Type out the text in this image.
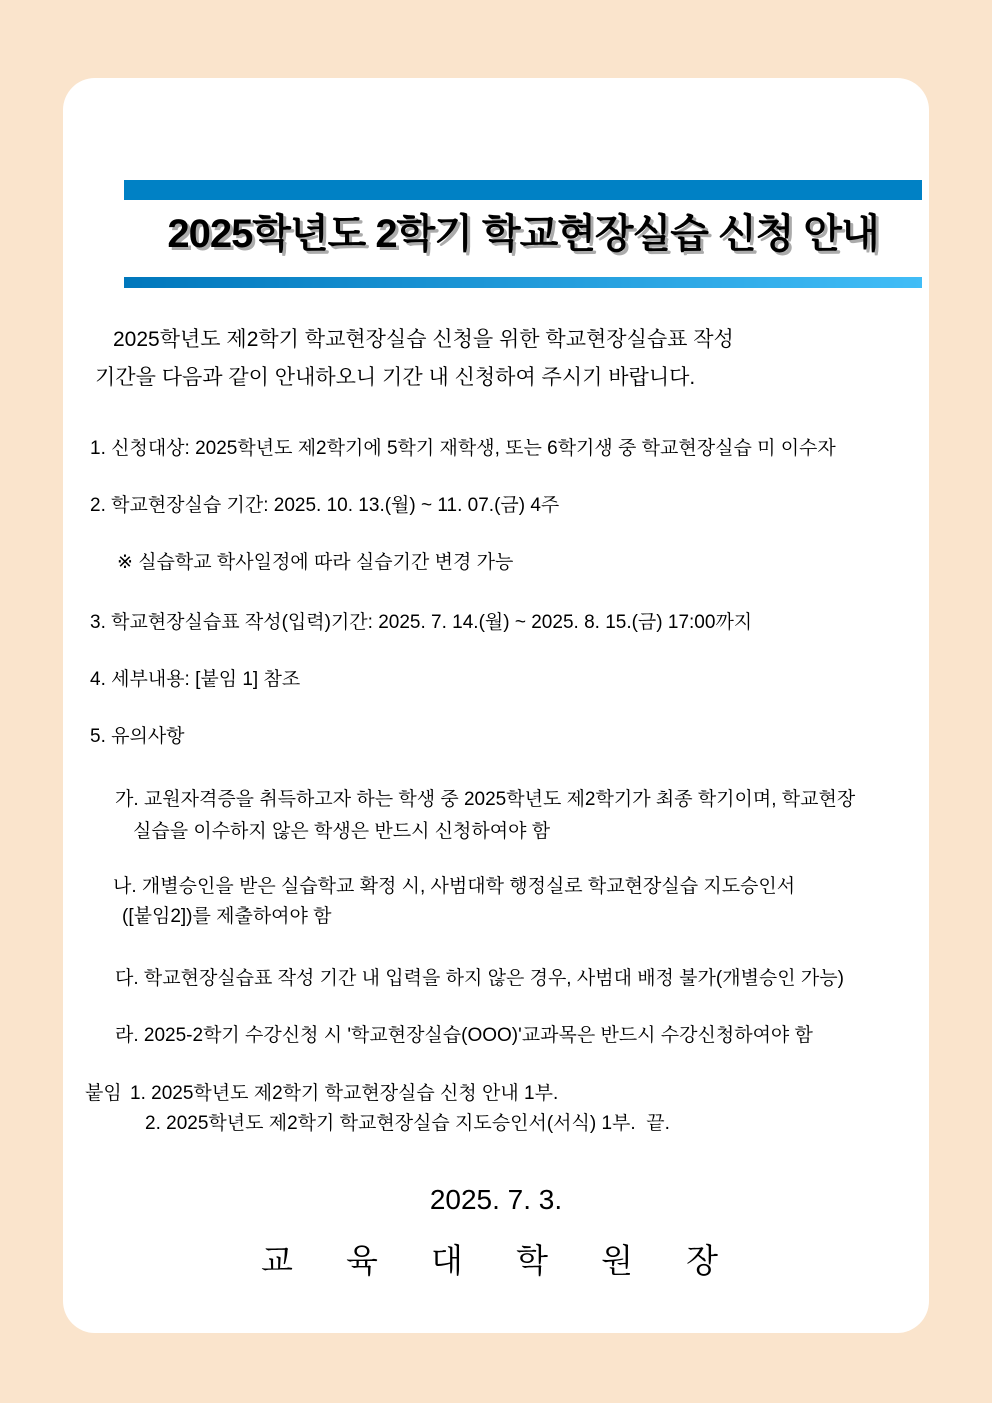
2025학년도 2학기 학교현장실습 신청 안내
2025학년도 제2학기 학교현장실습 신청을 위한 학교현장실습표 작성
기간을 다음과 같이 안내하오니 기간 내 신청하여 주시기 바랍니다.
1. 신청대상: 2025학년도 제2학기에 5학기 재학생, 또는 6학기생 중 학교현장실습 미 이수자
2. 학교현장실습 기간: 2025. 10. 13.(월) ~ 11. 07.(금) 4주
※ 실습학교 학사일정에 따라 실습기간 변경 가능
3. 학교현장실습표 작성(입력)기간: 2025. 7. 14.(월) ~ 2025. 8. 15.(금) 17:00까지
4. 세부내용: [붙임 1] 참조
5. 유의사항
가. 교원자격증을 취득하고자 하는 학생 중 2025학년도 제2학기가 최종 학기이며, 학교현장
실습을 이수하지 않은 학생은 반드시 신청하여야 함
나. 개별승인을 받은 실습학교 확정 시, 사범대학 행정실로 학교현장실습 지도승인서
([붙임2])를 제출하여야 함
다. 학교현장실습표 작성 기간 내 입력을 하지 않은 경우, 사범대 배정 불가(개별승인 가능)
라. 2025-2학기 수강신청 시 '학교현장실습(OOO)'교과목은 반드시 수강신청하여야 함
붙임 1. 2025학년도 제2학기 학교현장실습 신청 안내 1부.
2. 2025학년도 제2학기 학교현장실습 지도승인서(서식) 1부.  끝.
2025. 7. 3.
교 육 대 학 원 장
